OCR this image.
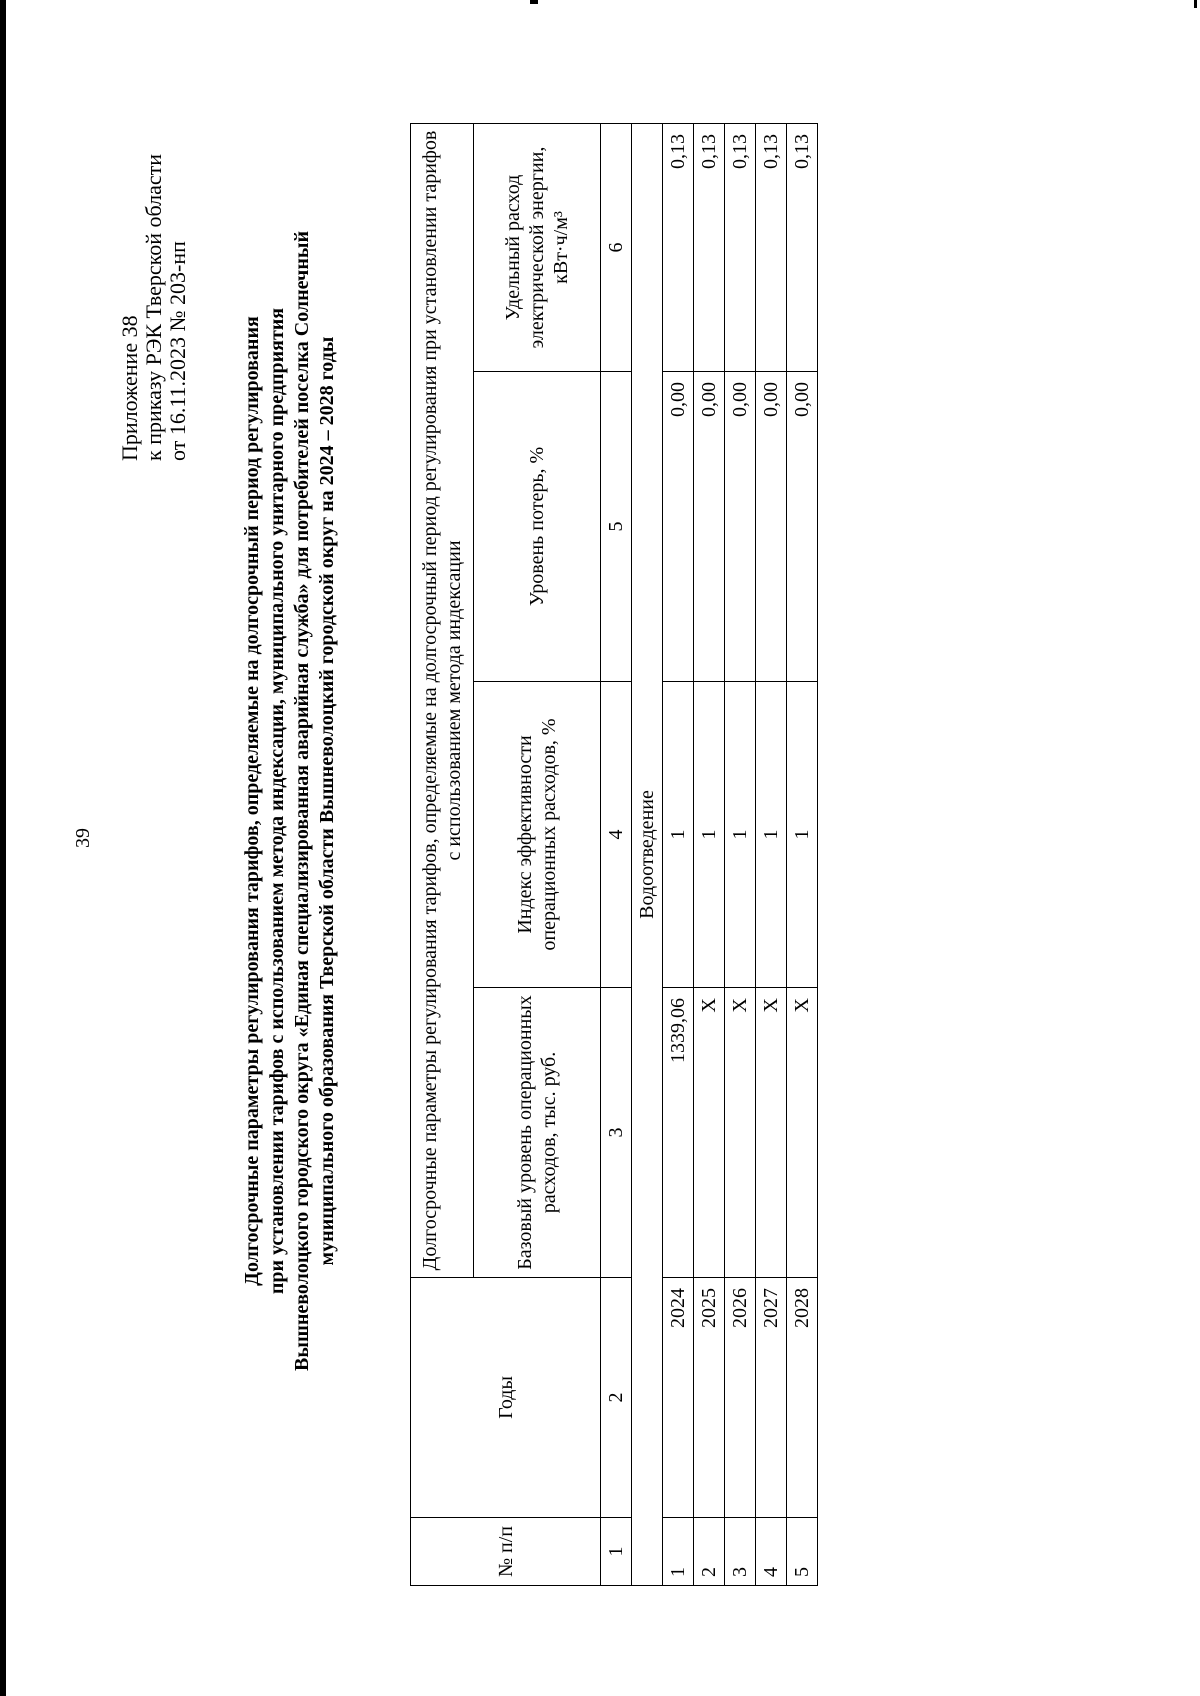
39
Приложение 38 к приказу РЭК Тверской области от 16.11.2023 № 203-нп	Долгосрочные параметры регулирования тарифов, определяемые на долгосрочный период регулирования при установлении тарифов с использованием метода индексации, муниципального унитарного предприятия Вышневолоцкого городского округа «Единая специализированная аварийная служба» для потребителей поселка Солнечный муниципального образования Тверской области Вышневолоцкий городской округ на 2024 – 2028 годы
№ п/п	Годы	Долгосрочные параметры регулирования тарифов, определяемые на долгосрочный период регулирования при установлении тарифов с использованием метода индексации			
		Базовый уровень операционных расходов, тыс. руб.	Индекс эффективности операционных расходов, %	Уровень потерь, %	Удельный расход электрической энергии, кВт·ч/м³
1	2	3	4	5	6
Водоотведение					
1	2024	1339,06	1	0,00	0,13
2	2025	X	1	0,00	0,13
3	2026	X	1	0,00	0,13
4	2027	X	1	0,00	0,13
5	2028	X	1	0,00	0,13
